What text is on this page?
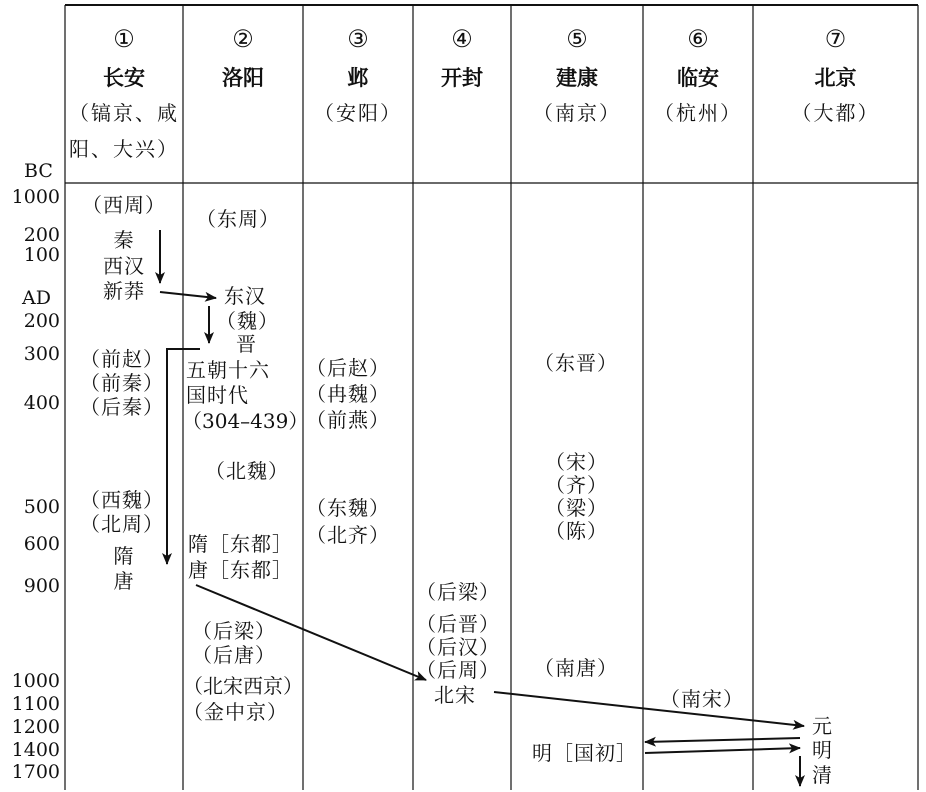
BC
AD
1000
200
100
200
300
400
500
600
900
1000
1100
1200
1400
1700
①
长安
（镐京、咸
阳、大兴）
②
洛阳
③
邺
（安阳）
④
开封
⑤
建康
（南京）
⑥
临安
（杭州）
⑦
北京
（大都）
（西周）
秦
西汉
新莽
（前赵）
（前秦）
（后秦）
（西魏）
（北周）
隋
唐
（东周）
东汉
（魏）
晋
五朝十六
国时代
（304–439）
（北魏）
隋［东都］
唐［东都］
（后梁）
（后唐）
（北宋西京）
（金中京）
（后赵）
（冉魏）
（前燕）
（东魏）
（北齐）
（后梁）
（后晋）
（后汉）
（后周）
北宋
（东晋）
（宋）
（齐）
（梁）
（陈）
（南唐）
明［国初］
（南宋）
元
明
清
